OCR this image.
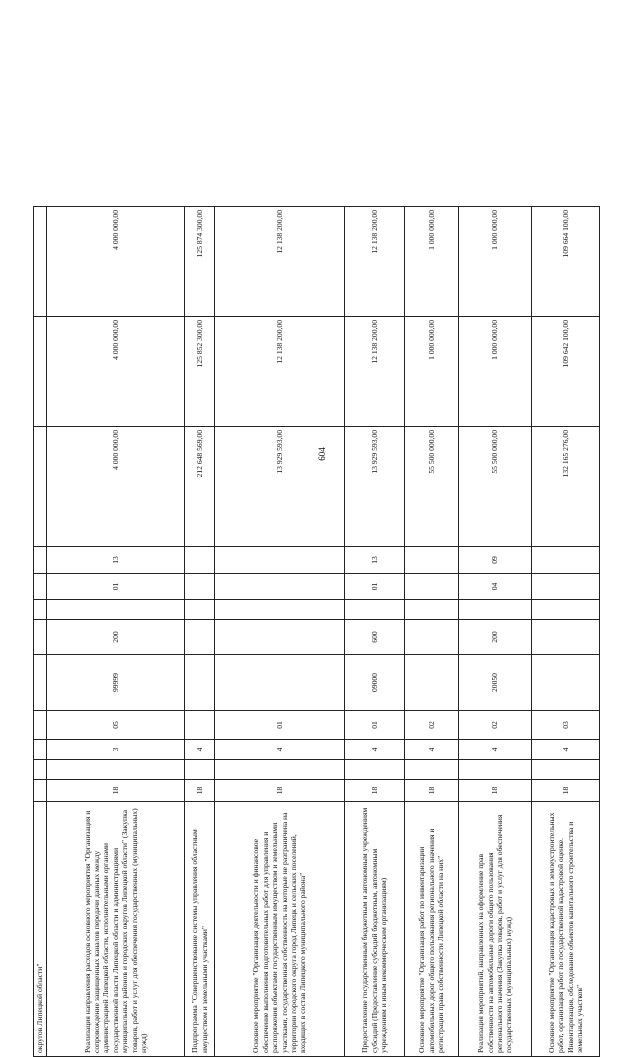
604
округов Липецкой области"												
Реализация направления расходов основного мероприятия "Организация и сопровождение защищенных каналов передачи данных между администрацией Липецкой области, исполнительными органами государственной власти Липецкой области и администрациями муниципальных районов и городских округов Липецкой области" (Закупка товаров, работ и услуг для обеспечения государственных (муниципальных) нужд)	18		3	05	99999	200		01	13	4 000 000,00	4 000 000,00	4 000 000,00
Подпрограмма "Совершенствование системы управления областным имуществом и земельными участками"	18		4							212 648 569,00	125 852 300,00	125 874 300,00
Основное мероприятие "Организация деятельности и финансовое обеспечение выполнения подготовительных работ для управления и распоряжения объектами государственным имуществом и земельными участками, государственная собственность на которые не разграничена на территории городского округа город Липецк и сельских поселений, входящих в состав Липецкого муниципального района"	18		4	01						13 929 593,00	12 138 200,00	12 138 200,00
Предоставление государственным бюджетным и автономным учреждениям субсидий (Предоставление субсидий бюджетным, автономным учреждениям и иным некоммерческим организациям)	18		4	01	09000	600		01	13	13 929 593,00	12 138 200,00	12 138 200,00
Основное мероприятие "Организация работ по инвентаризации автомобильных дорог общего пользования регионального значения и регистрации права собственности Липецкой области на них"	18		4	02						55 500 000,00	1 000 000,00	1 000 000,00
Реализация мероприятий, направленных на оформление прав собственности на автомобильные дороги общего пользования регионального значения (Закупка товаров, работ и услуг для обеспечения государственных (муниципальных) нужд)	18		4	02	20050	200		04	09	55 500 000,00	1 000 000,00	1 000 000,00
Основное мероприятие "Организация кадастровых и землеустроительных работ, организация работ по государственной кадастровой оценке. Инвентаризация, обследование объектов капитального строительства и земельных участков"	18		4	03						132 165 276,00	109 642 100,00	109 664 100,00
